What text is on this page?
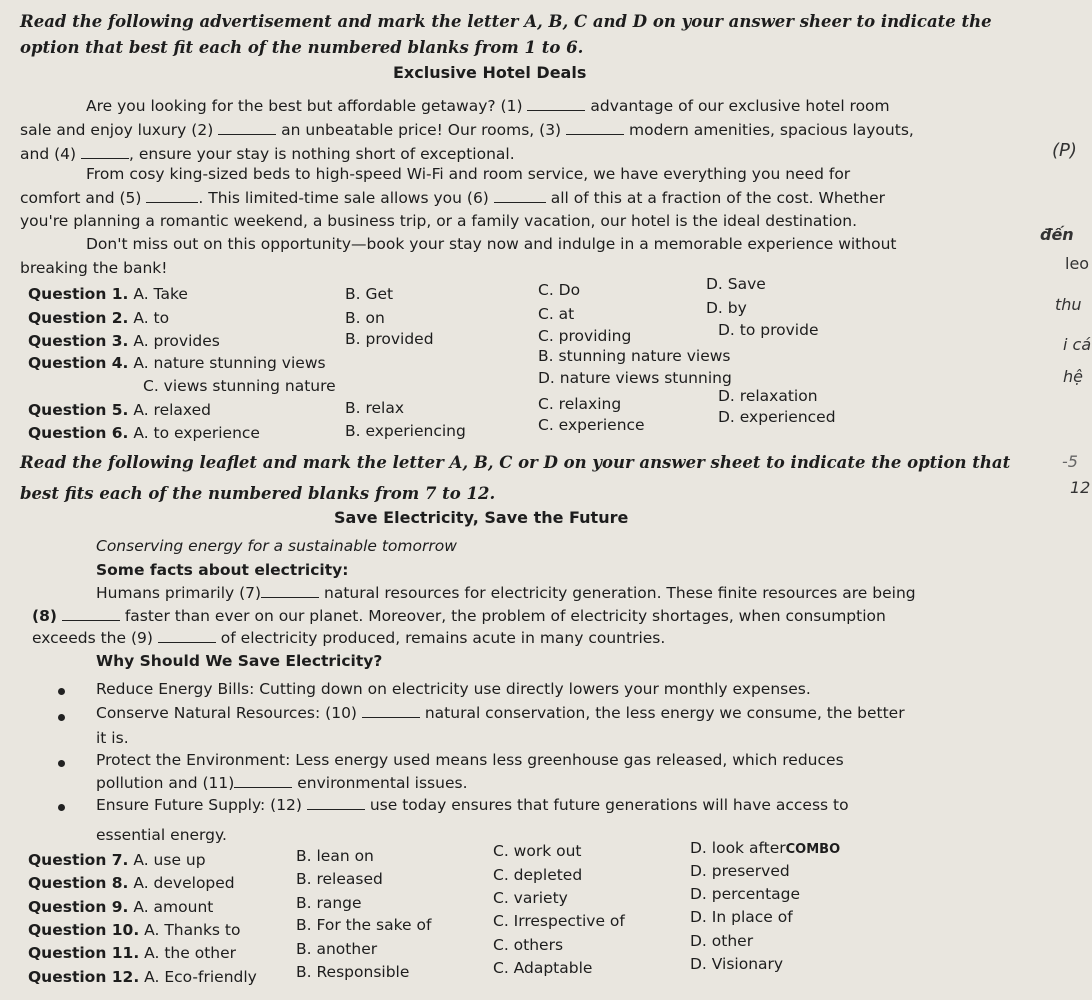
Read the following advertisement and mark the letter A, B, C and D on your answer sheer to indicate the
option that best fit each of the numbered blanks from 1 to 6.
Exclusive Hotel Deals
Are you looking for the best but affordable getaway? (1)	advantage of our exclusive hotel room
sale and enjoy luxury (2)	an unbeatable price! Our rooms, (3)	modern amenities, spacious layouts,
and (4)	, ensure your stay is nothing short of exceptional.
From cosy king-sized beds to high-speed Wi-Fi and room service, we have everything you need for
comfort and (5)	. This limited-time sale allows you (6)	all of this at a fraction of the cost. Whether
you're planning a romantic weekend, a business trip, or a family vacation, our hotel is the ideal destination.
Don't miss out on this opportunity—book your stay now and indulge in a memorable experience without
breaking the bank!
Question 1. A. Take	B. Get	C. Do	D. Save
Question 2. A. to	B. on	C. at	D. by
Question 3. A. provides	B. provided	C. providing	D. to provide
Question 4. A. nature stunning views	B. stunning nature views
C. views stunning nature	D. nature views stunning
Question 5. A. relaxed	B. relax	C. relaxing	D. relaxation
Question 6. A. to experience	B. experiencing	C. experience	D. experienced
Read the following leaflet and mark the letter A, B, C or D on your answer sheet to indicate the option that
best fits each of the numbered blanks from 7 to 12.
Save Electricity, Save the Future
Conserving energy for a sustainable tomorrow
Some facts about electricity:
Humans primarily (7)	natural resources for electricity generation. These finite resources are being
(8)	faster than ever on our planet. Moreover, the problem of electricity shortages, when consumption
exceeds the (9)	of electricity produced, remains acute in many countries.
Why Should We Save Electricity?
Reduce Energy Bills: Cutting down on electricity use directly lowers your monthly expenses.
Conserve Natural Resources: (10)	natural conservation, the less energy we consume, the better
it is.
Protect the Environment: Less energy used means less greenhouse gas released, which reduces
pollution and (11)	environmental issues.
Ensure Future Supply: (12)	use today ensures that future generations will have access to
essential energy.
Question 7. A. use up	B. lean on	C. work out	D. look afterCOMBO
Question 8. A. developed	B. released	C. depleted	D. preserved
Question 9. A. amount	B. range	C. variety	D. percentage
Question 10. A. Thanks to	B. For the sake of	C. Irrespective of	D. In place of
Question 11. A. the other	B. another	C. others	D. other
Question 12. A. Eco-friendly	B. Responsible	C. Adaptable	D. Visionary
(P)
đến
leo
thu
i cá
hệ
-5
12
